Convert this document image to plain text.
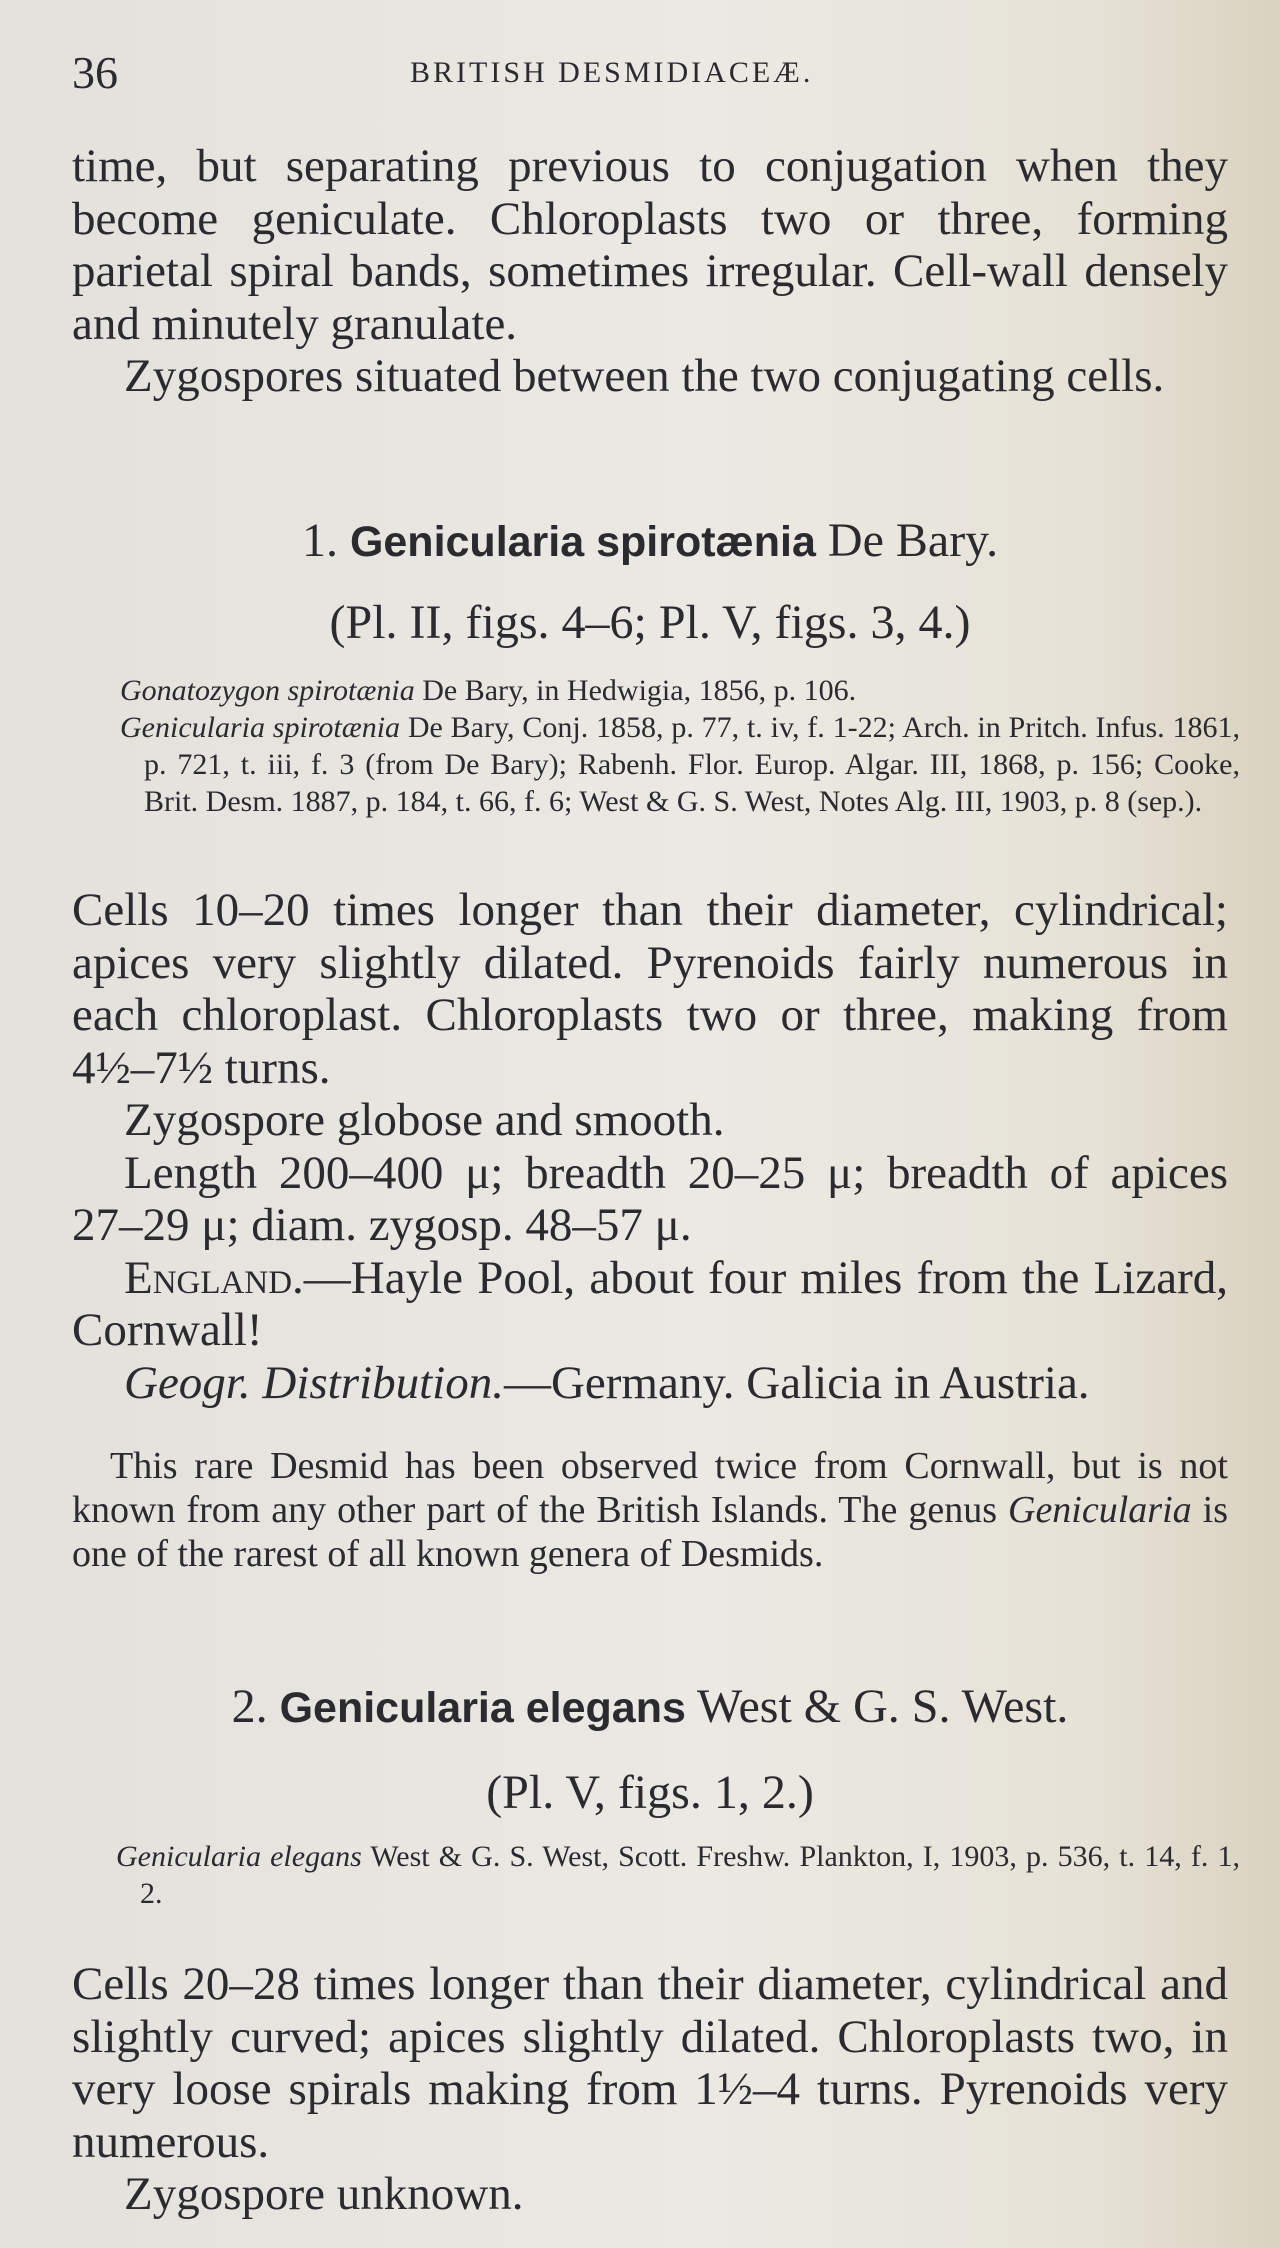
36	BRITISH DESMIDIACEÆ.

time, but separating previous to conjugation when they become geniculate. Chloroplasts two or three, forming parietal spiral bands, sometimes irregular. Cell-wall densely and minutely granulate.

Zygospores situated between the two conjugating cells.

1. Genicularia spirotænia De Bary.
(Pl. II, figs. 4–6; Pl. V, figs. 3, 4.)

Gonatozygon spirotænia De Bary, in Hedwigia, 1856, p. 106.

Genicularia spirotænia De Bary, Conj. 1858, p. 77, t. iv, f. 1-22; Arch. in Pritch. Infus. 1861, p. 721, t. iii, f. 3 (from De Bary); Rabenh. Flor. Europ. Algar. III, 1868, p. 156; Cooke, Brit. Desm. 1887, p. 184, t. 66, f. 6; West & G. S. West, Notes Alg. III, 1903, p. 8 (sep.).

Cells 10–20 times longer than their diameter, cylindrical; apices very slightly dilated. Pyrenoids fairly numerous in each chloroplast. Chloroplasts two or three, making from 4½–7½ turns.

Zygospore globose and smooth.

Length 200–400 μ; breadth 20–25 μ; breadth of apices 27–29 μ; diam. zygosp. 48–57 μ.

England.—Hayle Pool, about four miles from the Lizard, Cornwall!

Geogr. Distribution.—Germany. Galicia in Austria.

This rare Desmid has been observed twice from Cornwall, but is not known from any other part of the British Islands. The genus Genicularia is one of the rarest of all known genera of Desmids.
2. Genicularia elegans West & G. S. West.
(Pl. V, figs. 1, 2.)

Genicularia elegans West & G. S. West, Scott. Freshw. Plankton, I, 1903, p. 536, t. 14, f. 1, 2.

Cells 20–28 times longer than their diameter, cylindrical and slightly curved; apices slightly dilated. Chloroplasts two, in very loose spirals making from 1½–4 turns. Pyrenoids very numerous.

Zygospore unknown.
